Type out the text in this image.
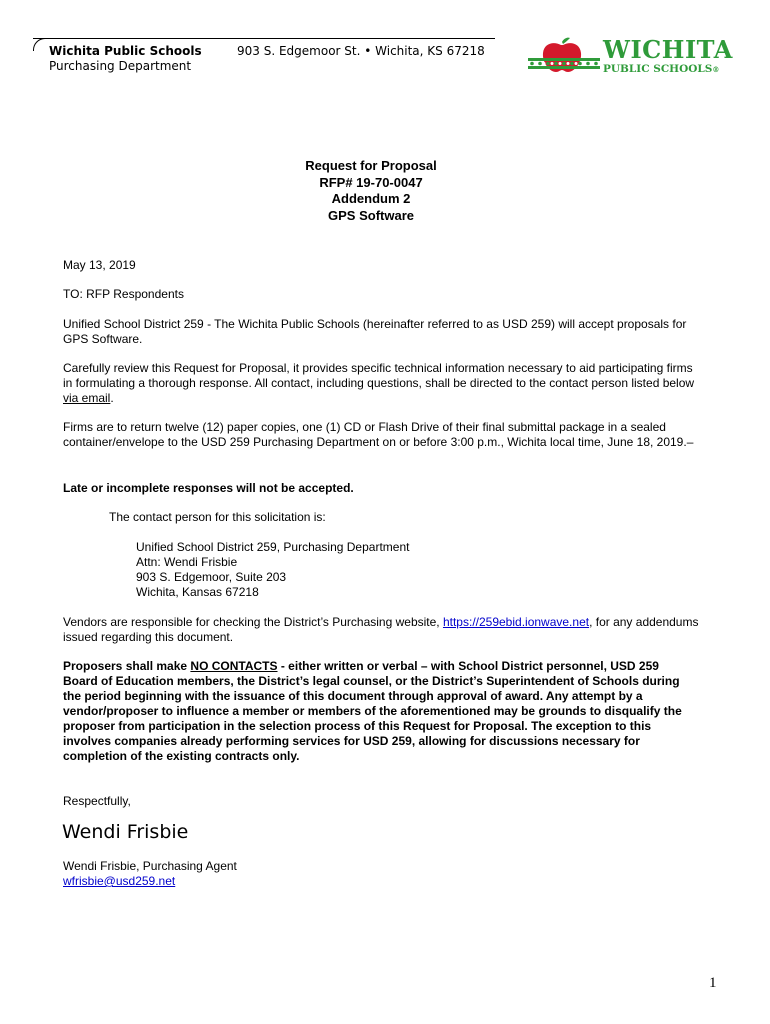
Wichita Public Schools
Purchasing Department
903 S. Edgemoor St. • Wichita, KS 67218	WICHITA
PUBLIC SCHOOLS®
Request for Proposal
RFP# 19-70-0047
Addendum 2
GPS Software
May 13, 2019
TO: RFP Respondents
Unified School District 259 - The Wichita Public Schools (hereinafter referred to as USD 259) will accept proposals for GPS Software.
Carefully review this Request for Proposal, it provides specific technical information necessary to aid participating firms in formulating a thorough response. All contact, including questions, shall be directed to the contact person listed below via email.
Firms are to return twelve (12) paper copies, one (1) CD or Flash Drive of their final submittal package in a sealed container/envelope to the USD 259 Purchasing Department on or before 3:00 p.m., Wichita local time, June 18, 2019.–
Late or incomplete responses will not be accepted.
The contact person for this solicitation is:
Unified School District 259, Purchasing Department
Attn: Wendi Frisbie
903 S. Edgemoor, Suite 203
Wichita, Kansas 67218
Vendors are responsible for checking the District’s Purchasing website, https://259ebid.ionwave.net, for any addendums issued regarding this document.
Proposers shall make NO CONTACTS - either written or verbal – with School District personnel, USD 259 Board of Education members, the District’s legal counsel, or the District’s Superintendent of Schools during the period beginning with the issuance of this document through approval of award. Any attempt by a vendor/proposer to influence a member or members of the aforementioned may be grounds to disqualify the proposer from participation in the selection process of this Request for Proposal. The exception to this involves companies already performing services for USD 259, allowing for discussions necessary for completion of the existing contracts only.
Respectfully,
Wendi Frisbie
Wendi Frisbie, Purchasing Agent
wfrisbie@usd259.net
1
